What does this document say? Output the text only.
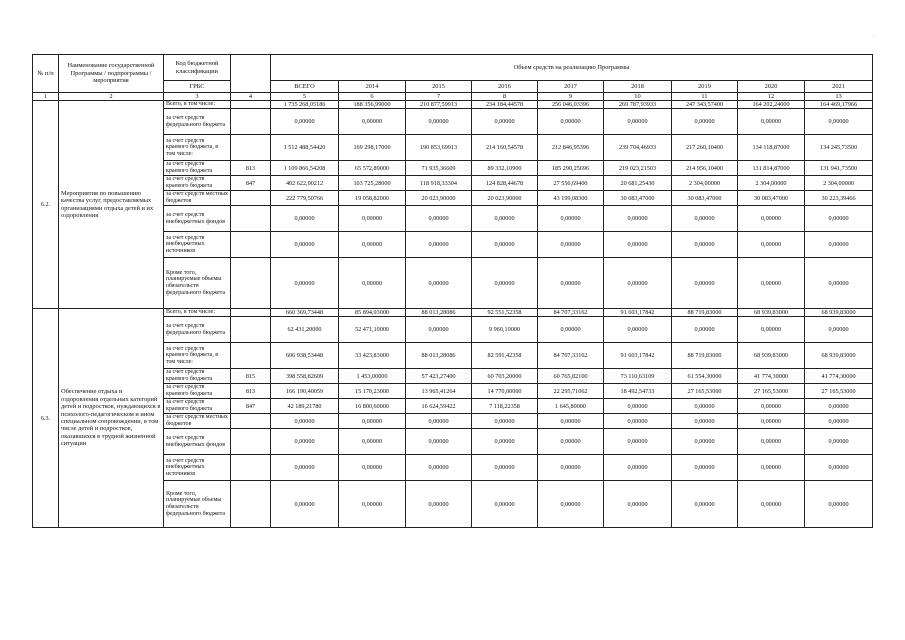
·
№ п/п	Наименование государственной Программы / подпрограммы / мероприятия	Код бюджетной классификации		Объем средств на реализацию Программы								
		ГРБС		ВСЕГО	2014	2015	2016	2017	2018	2019	2020	2021
1	2	3	4	5	6	7	8	9	10	11	12	13
6.2.	Мероприятия по повышению качества услуг, предоставляемых организациями отдыха детей и их оздоровления	Всего, в том числе:		1 735 268,05186	188 356,99000	210 877,59913	234 184,44578	256 046,03396	269 787,93933	247 343,57400	164 202,24000	164 469,17966
		за счет средств федерального бюджета		0,00000	0,00000	0,00000	0,00000	0,00000	0,00000	0,00000	0,00000	0,00000
		за счет средств краевого бюджета, в том числе:		1 512 488,54420	169 298,17000	190 853,69913	214 160,54578	212 846,95396	239 704,46933	217 260,10400	134 118,87000	134 245,73500
		за счет средств краевого бюджета	813	1 109 866,54208	65 572,89000	71 935,36609	89 332,10900	185 290,25696	219 023,21503	214 956,10400	131 814,87000	131 941,73500
		за счет средств краевого бюджета	847	402 622,00212	103 725,28000	118 918,33304	124 828,44678	27 556,69400	20 681,25430	2 304,00000	2 304,00000	2 304,00000
		за счет средств местных бюджетов		222 779,50766	19 058,82000	20 023,90000	20 023,90000	43 199,08300	30 083,47000	30 083,47000	30 083,47000	30 223,39466
		за счет средств внебюджетных фондов		0,00000	0,00000	0,00000	0,00000	0,00000	0,00000	0,00000	0,00000	0,00000
		за счет средств внебюджетных источников		0,00000	0,00000	0,00000	0,00000	0,00000	0,00000	0,00000	0,00000	0,00000
		Кроме того, планируемые объемы обязательств федерального бюджета		0,00000	0,00000	0,00000	0,00000	0,00000	0,00000	0,00000	0,00000	0,00000
6.3.	Обеспечение отдыха и оздоровления отдельных категорий детей и подростков, нуждающихся в психолого-педагогическом и ином специальном сопровождении, в том числе детей и подростков, оказавшихся в трудной жизненной ситуации	Всего, в том числе:		660 369,73448	85 894,93000	88 013,28086	92 551,52358	84 707,33162	91 603,17842	88 719,83000	68 939,83000	68 939,83000
		за счет средств федерального бюджета		62 431,20000	52 471,10000	0,00000	9 960,10000	0,00000	0,00000	0,00000	0,00000	0,00000
		за счет средств краевого бюджета, в том числе:		606 938,53448	33 423,83000	88 013,28086	82 591,42358	84 707,33162	91 603,17842	88 719,83000	68 939,83000	68 939,83000
		за счет средств краевого бюджета	815	398 558,82609	1 453,00000	57 423,27400	60 703,20000	60 765,82100	73 110,63109	61 554,30000	41 774,30000	41 774,30000
		за счет средств краевого бюджета	813	166 190,40059	15 170,23000	13 965,41264	14 770,00000	22 295,71062	18 492,54733	27 165,53000	27 165,53000	27 165,53000
		за счет средств краевого бюджета	847	42 189,21780	16 800,60000	16 624,59422	7 118,22358	1 645,80000	0,00000	0,00000	0,00000	0,00000
		за счет средств местных бюджетов		0,00000	0,00000	0,00000	0,00000	0,00000	0,00000	0,00000	0,00000	0,00000
		за счет средств внебюджетных фондов		0,00000	0,00000	0,00000	0,00000	0,00000	0,00000	0,00000	0,00000	0,00000
		за счет средств внебюджетных источников		0,00000	0,00000	0,00000	0,00000	0,00000	0,00000	0,00000	0,00000	0,00000
		Кроме того, планируемые объемы обязательств федерального бюджета		0,00000	0,00000	0,00000	0,00000	0,00000	0,00000	0,00000	0,00000	0,00000
